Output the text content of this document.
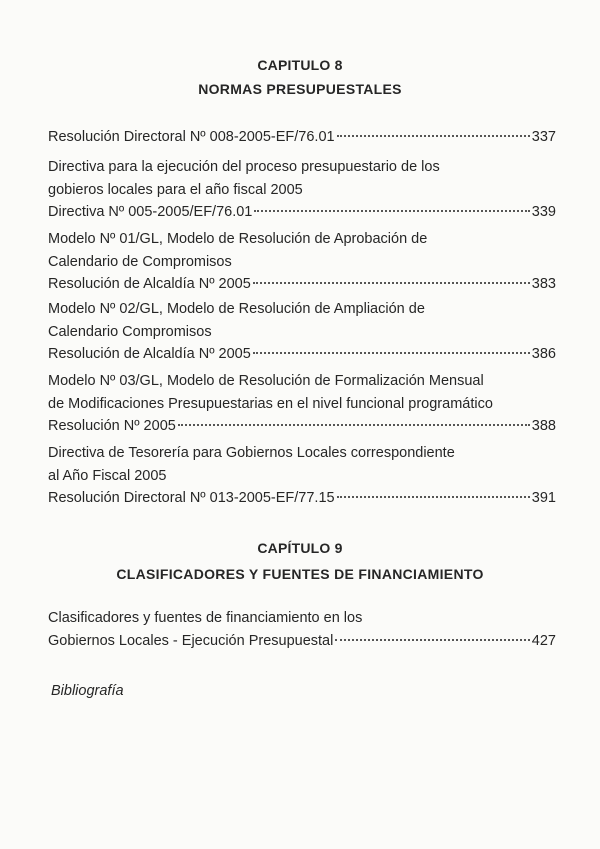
CAPITULO 8
NORMAS PRESUPUESTALES
Resolución Directoral Nº 008-2005-EF/76.01	337
Directiva para la ejecución del proceso presupuestario de los
gobieros locales para el año fiscal 2005
Directiva Nº 005-2005/EF/76.01	339
Modelo Nº 01/GL, Modelo de Resolución de Aprobación de
Calendario de Compromisos
Resolución de Alcaldía Nº 2005	383
Modelo Nº 02/GL, Modelo de Resolución de Ampliación de
Calendario Compromisos
Resolución de Alcaldía Nº 2005	386
Modelo Nº 03/GL, Modelo de Resolución de Formalización Mensual
de Modificaciones Presupuestarias en el nivel funcional programático
Resolución Nº 2005	388
Directiva de Tesorería para Gobiernos Locales correspondiente
al Año Fiscal 2005
Resolución Directoral Nº 013-2005-EF/77.15	391
CAPÍTULO 9
CLASIFICADORES Y FUENTES DE FINANCIAMIENTO
Clasificadores y fuentes de financiamiento en los
Gobiernos Locales - Ejecución Presupuestal	427
Bibliografía
